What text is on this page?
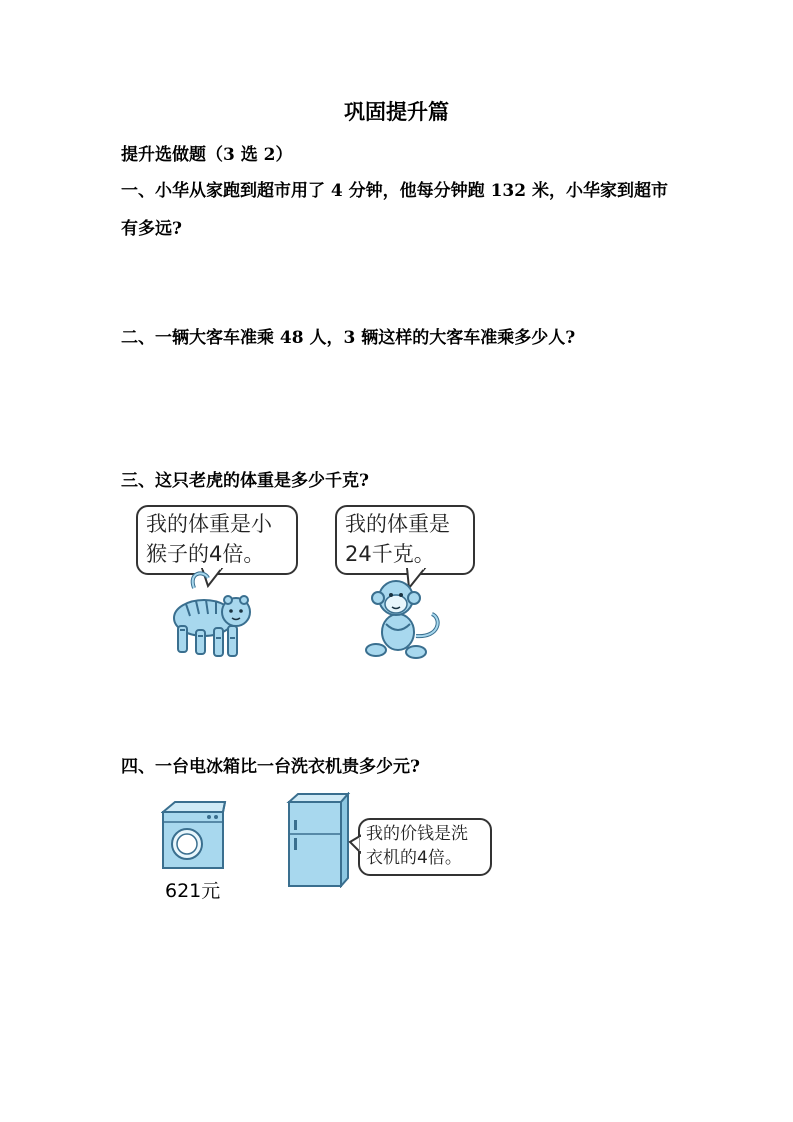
巩固提升篇
提升选做题（3 选 2）
一、小华从家跑到超市用了 4 分钟，他每分钟跑 132 米，小华家到超市
有多远?
二、一辆大客车准乘 48 人，3 辆这样的大客车准乘多少人?
三、这只老虎的体重是多少千克?
我的体重是小
猴子的4倍。
我的体重是
24千克。
四、一台电冰箱比一台洗衣机贵多少元?
621元
我的价钱是洗
衣机的4倍。
